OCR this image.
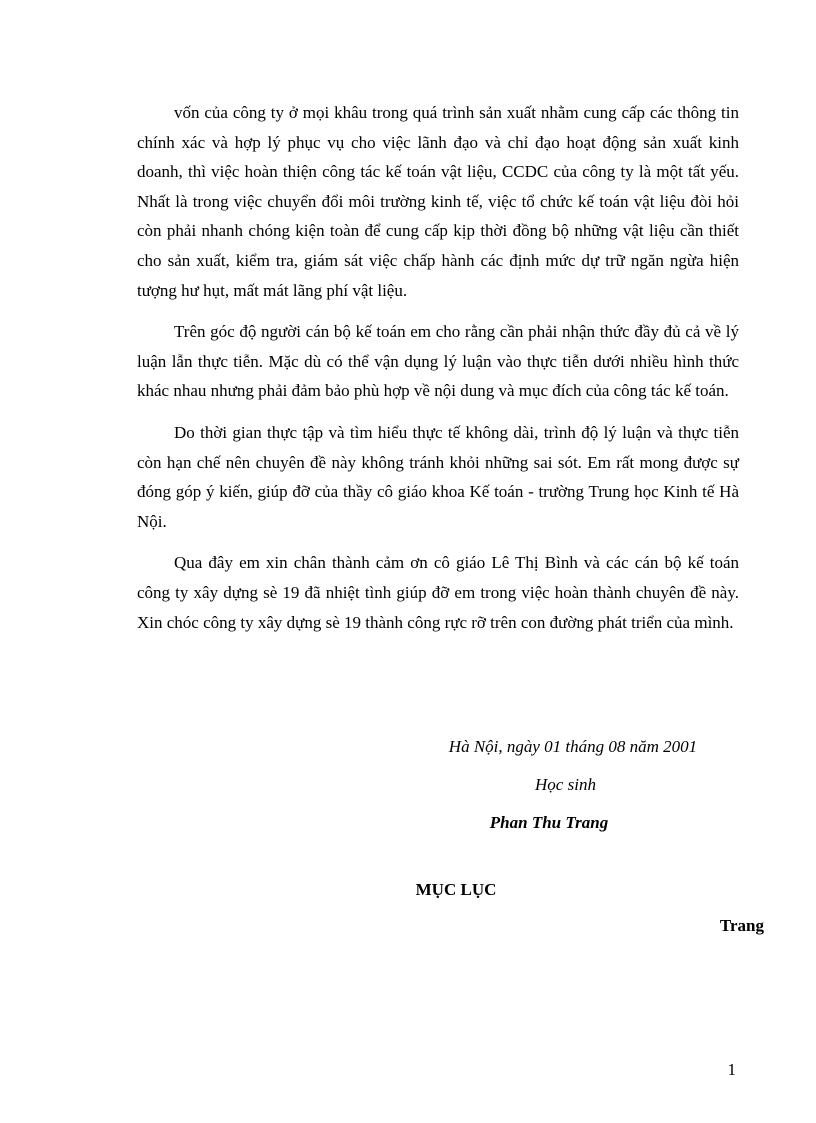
vốn của công ty ở mọi khâu trong quá trình sản xuất nhằm cung cấp các thông tin chính xác và hợp lý phục vụ cho việc lãnh đạo và chỉ đạo hoạt động sản xuất kinh doanh, thì việc hoàn thiện công tác kế toán vật liệu, CCDC của công ty là một tất yếu. Nhất là trong việc chuyển đổi môi trường kinh tế, việc tổ chức kế toán vật liệu đòi hỏi còn phải nhanh chóng kiện toàn để cung cấp kịp thời đồng bộ những vật liệu cần thiết cho sản xuất, kiểm tra, giám sát việc chấp hành các định mức dự trữ ngăn ngừa hiện tượng hư hụt, mất mát lãng phí vật liệu.

Trên góc độ người cán bộ kế toán em cho rằng cần phải nhận thức đầy đủ cả về lý luận lẫn thực tiễn. Mặc dù có thể vận dụng lý luận vào thực tiễn dưới nhiều hình thức khác nhau nhưng phải đảm bảo phù hợp về nội dung và mục đích của công tác kế toán.

Do thời gian thực tập và tìm hiểu thực tế không dài, trình độ lý luận và thực tiễn còn hạn chế nên chuyên đề này không tránh khỏi những sai sót. Em rất mong được sự đóng góp ý kiến, giúp đỡ của thầy cô giáo khoa Kế toán - trường Trung học Kinh tế Hà Nội.

Qua đây em xin chân thành cảm ơn cô giáo Lê Thị Bình và các cán bộ kế toán công ty xây dựng sè 19 đã nhiệt tình giúp đỡ em trong việc hoàn thành chuyên đề này. Xin chóc công ty xây dựng sè 19 thành công rực rỡ trên con đường phát triển của mình.

Hà Nội, ngày 01 tháng 08 năm 2001
Học sinh
Phan Thu Trang
MỤC LỤC
Trang
1
